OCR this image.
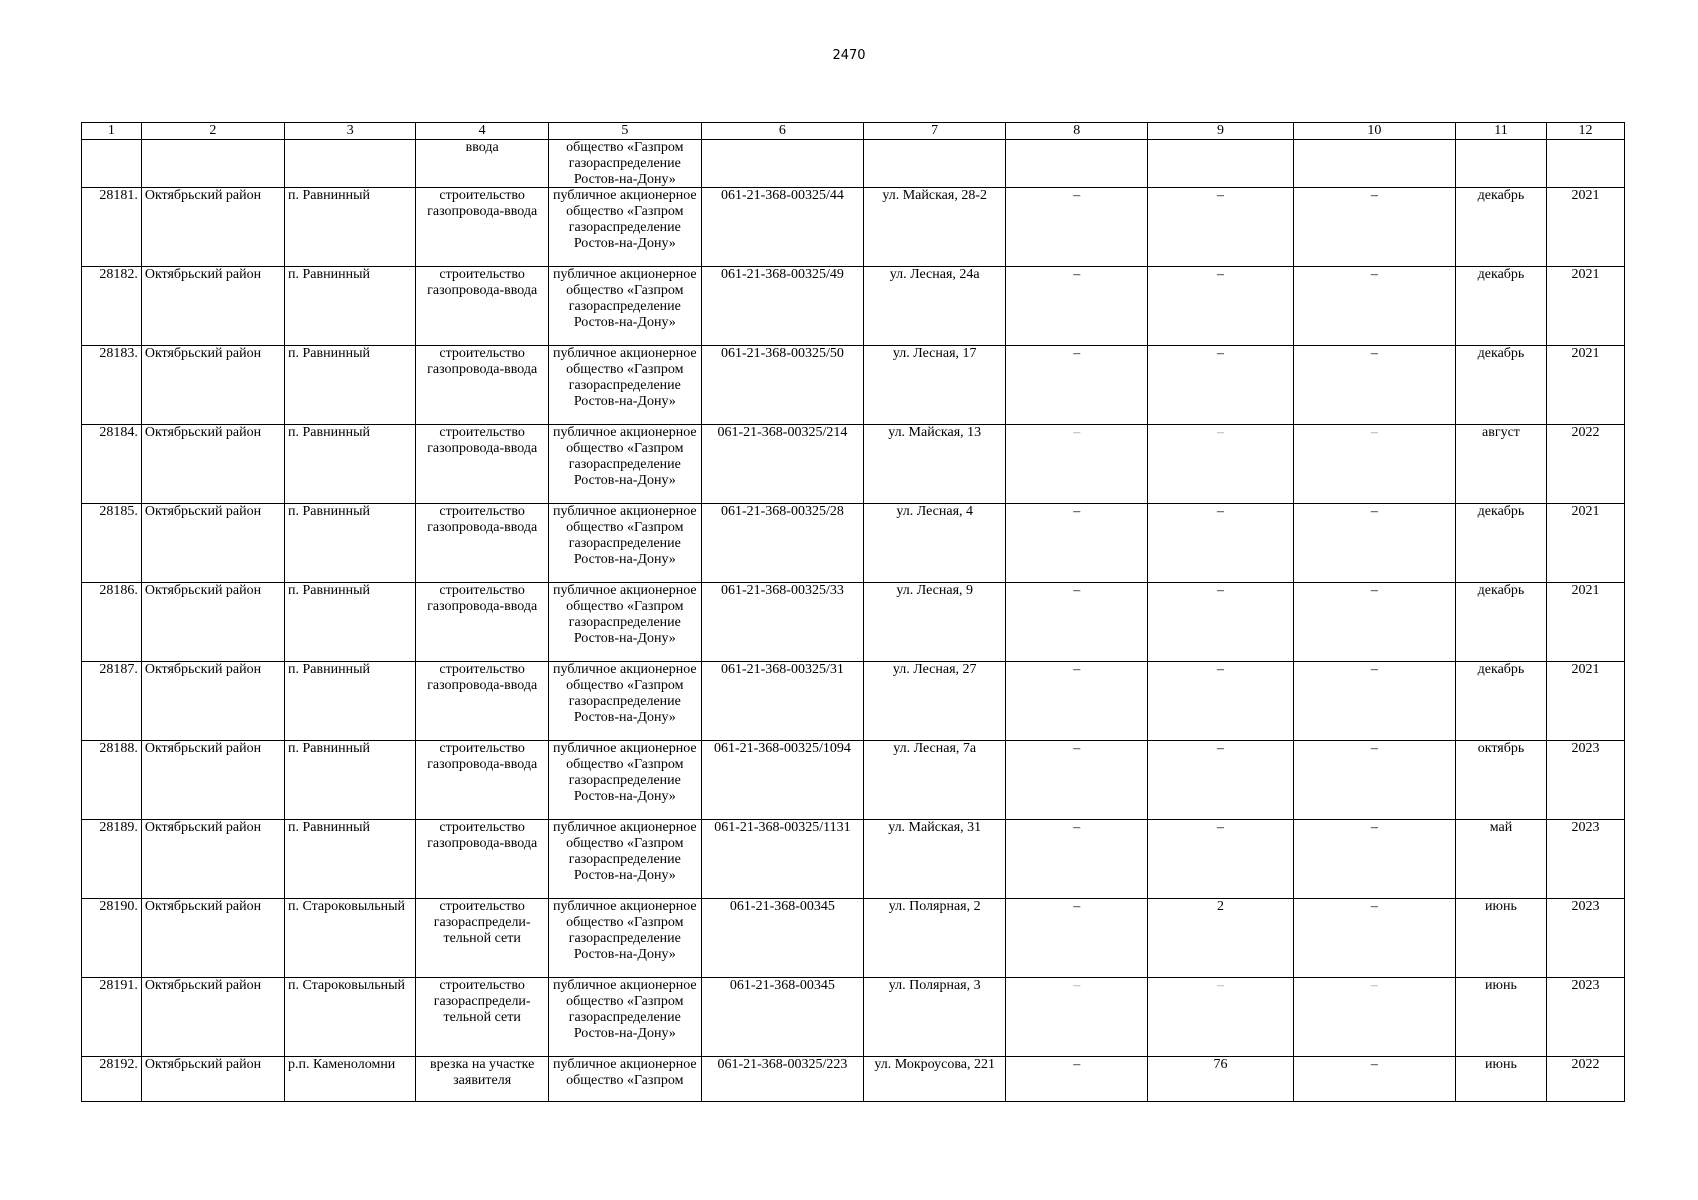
2470
1	2	3	4	5	6	7	8	9	10	11	12
			ввода	общество «Газпром газораспределение Ростов-на-Дону»							
28181.	Октябрьский район	п. Равнинный	строительство газопровода-ввода	публичное акционерное общество «Газпром газораспределение Ростов-на-Дону»	061-21-368-00325/44	ул. Майская, 28-2	–	–	–	декабрь	2021
28182.	Октябрьский район	п. Равнинный	строительство газопровода-ввода	публичное акционерное общество «Газпром газораспределение Ростов-на-Дону»	061-21-368-00325/49	ул. Лесная, 24а	–	–	–	декабрь	2021
28183.	Октябрьский район	п. Равнинный	строительство газопровода-ввода	публичное акционерное общество «Газпром газораспределение Ростов-на-Дону»	061-21-368-00325/50	ул. Лесная, 17	–	–	–	декабрь	2021
28184.	Октябрьский район	п. Равнинный	строительство газопровода-ввода	публичное акционерное общество «Газпром газораспределение Ростов-на-Дону»	061-21-368-00325/214	ул. Майская, 13	–	–	–	август	2022
28185.	Октябрьский район	п. Равнинный	строительство газопровода-ввода	публичное акционерное общество «Газпром газораспределение Ростов-на-Дону»	061-21-368-00325/28	ул. Лесная, 4	–	–	–	декабрь	2021
28186.	Октябрьский район	п. Равнинный	строительство газопровода-ввода	публичное акционерное общество «Газпром газораспределение Ростов-на-Дону»	061-21-368-00325/33	ул. Лесная, 9	–	–	–	декабрь	2021
28187.	Октябрьский район	п. Равнинный	строительство газопровода-ввода	публичное акционерное общество «Газпром газораспределение Ростов-на-Дону»	061-21-368-00325/31	ул. Лесная, 27	–	–	–	декабрь	2021
28188.	Октябрьский район	п. Равнинный	строительство газопровода-ввода	публичное акционерное общество «Газпром газораспределение Ростов-на-Дону»	061-21-368-00325/1094	ул. Лесная, 7а	–	–	–	октябрь	2023
28189.	Октябрьский район	п. Равнинный	строительство газопровода-ввода	публичное акционерное общество «Газпром газораспределение Ростов-на-Дону»	061-21-368-00325/1131	ул. Майская, 31	–	–	–	май	2023
28190.	Октябрьский район	п. Староковыльный	строительство газораспредели-тельной сети	публичное акционерное общество «Газпром газораспределение Ростов-на-Дону»	061-21-368-00345	ул. Полярная, 2	–	2	–	июнь	2023
28191.	Октябрьский район	п. Староковыльный	строительство газораспредели-тельной сети	публичное акционерное общество «Газпром газораспределение Ростов-на-Дону»	061-21-368-00345	ул. Полярная, 3	–	–	–	июнь	2023
28192.	Октябрьский район	р.п. Каменоломни	врезка на участке заявителя	публичное акционерное общество «Газпром	061-21-368-00325/223	ул. Мокроусова, 221	–	76	–	июнь	2022
